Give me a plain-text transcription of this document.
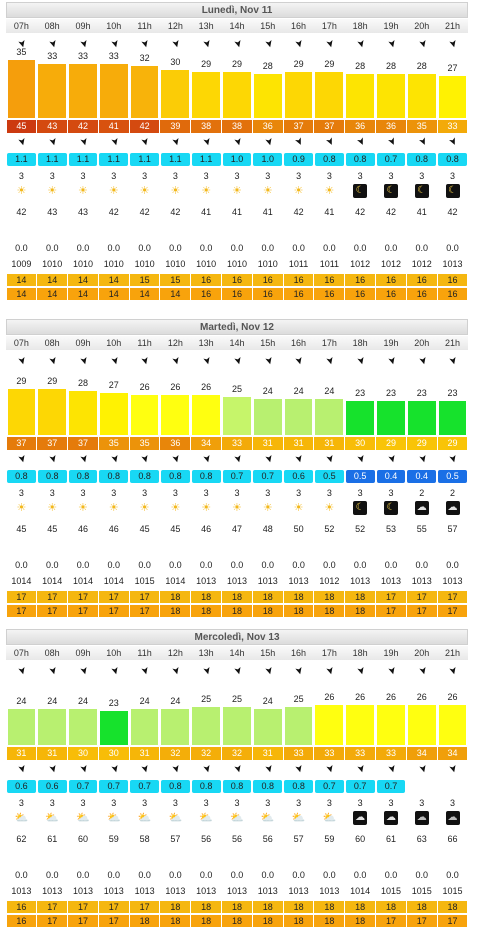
Lunedì, Nov 11
07h	08h	09h	10h	11h	12h	13h	14h	15h	16h	17h	18h	19h	20h	21h
➤	➤	➤	➤	➤	➤	➤	➤	➤	➤	➤	➤	➤	➤	➤
35	33	33	33	32	30	29	29	28	29	29	28	28	28	27
45	43	42	41	42	39	38	38	36	37	37	36	36	35	33
➤	➤	➤	➤	➤	➤	➤	➤	➤	➤	➤	➤	➤	➤	➤
1.1	1.1	1.1	1.1	1.1	1.1	1.1	1.0	1.0	0.9	0.8	0.8	0.7	0.8	0.8
3	3	3	3	3	3	3	3	3	3	3	3	3	3	3
☀	☀	☀	☀	☀	☀	☀	☀	☀	☀	☀	☾	☾	☾	☾
42	43	43	42	42	42	41	41	41	42	41	42	42	41	42
0.0	0.0	0.0	0.0	0.0	0.0	0.0	0.0	0.0	0.0	0.0	0.0	0.0	0.0	0.0
1009	1010	1010	1010	1010	1010	1010	1010	1010	1011	1011	1012	1012	1012	1013
14	14	14	14	15	15	16	16	16	16	16	16	16	16	16
14	14	14	14	14	14	16	16	16	16	16	16	16	16	16
Martedì, Nov 12
07h	08h	09h	10h	11h	12h	13h	14h	15h	16h	17h	18h	19h	20h	21h
➤	➤	➤	➤	➤	➤	➤	➤	➤	➤	➤	➤	➤	➤	➤
29	29	28	27	26	26	26	25	24	24	24	23	23	23	23
37	37	37	35	35	36	34	33	31	31	31	30	29	29	29
➤	➤	➤	➤	➤	➤	➤	➤	➤	➤	➤	➤	➤	➤	➤
0.8	0.8	0.8	0.8	0.8	0.8	0.8	0.7	0.7	0.6	0.5	0.5	0.4	0.4	0.5
3	3	3	3	3	3	3	3	3	3	3	3	3	2	2
☀	☀	☀	☀	☀	☀	☀	☀	☀	☀	☀	☾	☾	☁	☁
45	45	46	46	45	45	46	47	48	50	52	52	53	55	57
0.0	0.0	0.0	0.0	0.0	0.0	0.0	0.0	0.0	0.0	0.0	0.0	0.0	0.0	0.0
1014	1014	1014	1014	1015	1014	1013	1013	1013	1013	1012	1013	1013	1013	1013
17	17	17	17	17	18	18	18	18	18	18	18	17	17	17
17	17	17	17	17	18	18	18	18	18	18	18	17	17	17
Mercoledì, Nov 13
07h	08h	09h	10h	11h	12h	13h	14h	15h	16h	17h	18h	19h	20h	21h
➤	➤	➤	➤	➤	➤	➤	➤	➤	➤	➤	➤	➤	➤	➤
24	24	24	23	24	24	25	25	24	25	26	26	26	26	26
31	31	30	30	31	32	32	32	31	33	33	33	33	34	34
➤	➤	➤	➤	➤	➤	➤	➤	➤	➤	➤	➤	➤	➤	➤
0.6	0.6	0.7	0.7	0.7	0.8	0.8	0.8	0.8	0.8	0.7	0.7	0.7
3	3	3	3	3	3	3	3	3	3	3	3	3	3	3
⛅	⛅	⛅	⛅	⛅	⛅	⛅	⛅	⛅	⛅	⛅	☁	☁	☁	☁
62	61	60	59	58	57	56	56	56	57	59	60	61	63	66
0.0	0.0	0.0	0.0	0.0	0.0	0.0	0.0	0.0	0.0	0.0	0.0	0.0	0.0	0.0
1013	1013	1013	1013	1013	1013	1013	1013	1013	1013	1013	1014	1015	1015	1015
16	17	17	17	17	18	18	18	18	18	18	18	18	18	18
16	17	17	17	18	18	18	18	18	18	18	18	17	17	17
